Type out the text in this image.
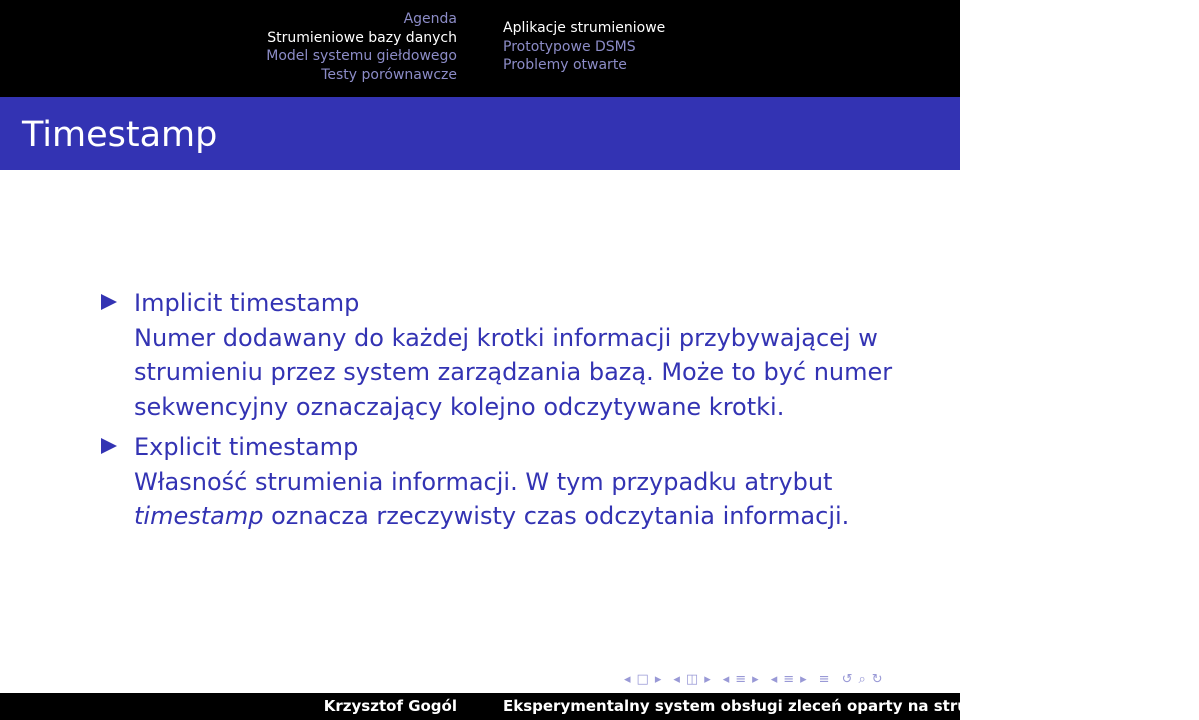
Agenda
Strumieniowe bazy danych
Model systemu giełdowego
Testy porównawcze
Aplikacje strumieniowe
Prototypowe DSMS
Problemy otwarte
Timestamp
Implicit timestamp
Numer dodawany do każdej krotki informacji przybywającej w
strumieniu przez system zarządzania bazą. Może to być numer
sekwencyjny oznaczający kolejno odczytywane krotki.
Explicit timestamp
Własność strumienia informacji. W tym przypadku atrybut
timestamp oznacza rzeczywisty czas odczytania informacji.
◂ □ ▸ ◂ ◫ ▸ ◂ ≡ ▸ ◂ ≡ ▸ ≡ ↺ ⌕ ↻
Krzysztof Gogól	Eksperymentalny system obsługi zleceń oparty na strumieniowych bazach danych
